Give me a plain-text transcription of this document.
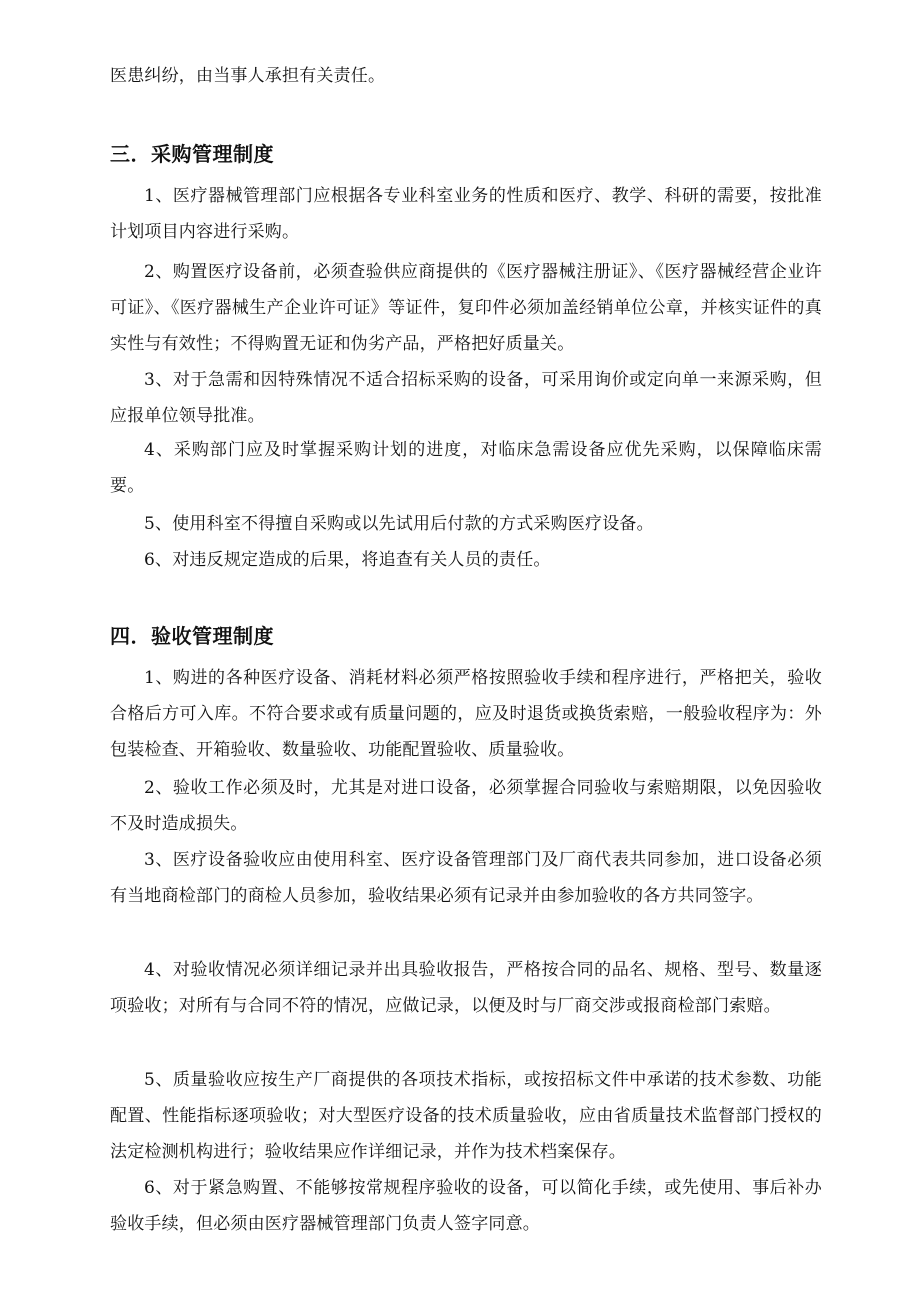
医患纠纷，由当事人承担有关责任。

三．采购管理制度

1、医疗器械管理部门应根据各专业科室业务的性质和医疗、教学、科研的需要，按批准计划项目内容进行采购。

2、购置医疗设备前，必须查验供应商提供的《医疗器械注册证》、《医疗器械经营企业许可证》、《医疗器械生产企业许可证》等证件，复印件必须加盖经销单位公章，并核实证件的真实性与有效性；不得购置无证和伪劣产品，严格把好质量关。

3、对于急需和因特殊情况不适合招标采购的设备，可采用询价或定向单一来源采购，但应报单位领导批准。

4、采购部门应及时掌握采购计划的进度，对临床急需设备应优先采购，以保障临床需要。

5、使用科室不得擅自采购或以先试用后付款的方式采购医疗设备。

6、对违反规定造成的后果，将追查有关人员的责任。

四．验收管理制度

1、购进的各种医疗设备、消耗材料必须严格按照验收手续和程序进行，严格把关，验收合格后方可入库。不符合要求或有质量问题的，应及时退货或换货索赔，一般验收程序为：外包装检查、开箱验收、数量验收、功能配置验收、质量验收。

2、验收工作必须及时，尤其是对进口设备，必须掌握合同验收与索赔期限，以免因验收不及时造成损失。

3、医疗设备验收应由使用科室、医疗设备管理部门及厂商代表共同参加，进口设备必须有当地商检部门的商检人员参加，验收结果必须有记录并由参加验收的各方共同签字。

4、对验收情况必须详细记录并出具验收报告，严格按合同的品名、规格、型号、数量逐项验收；对所有与合同不符的情况，应做记录，以便及时与厂商交涉或报商检部门索赔。

5、质量验收应按生产厂商提供的各项技术指标，或按招标文件中承诺的技术参数、功能配置、性能指标逐项验收；对大型医疗设备的技术质量验收，应由省质量技术监督部门授权的法定检测机构进行；验收结果应作详细记录，并作为技术档案保存。

6、对于紧急购置、不能够按常规程序验收的设备，可以简化手续，或先使用、事后补办验收手续，但必须由医疗器械管理部门负责人签字同意。
